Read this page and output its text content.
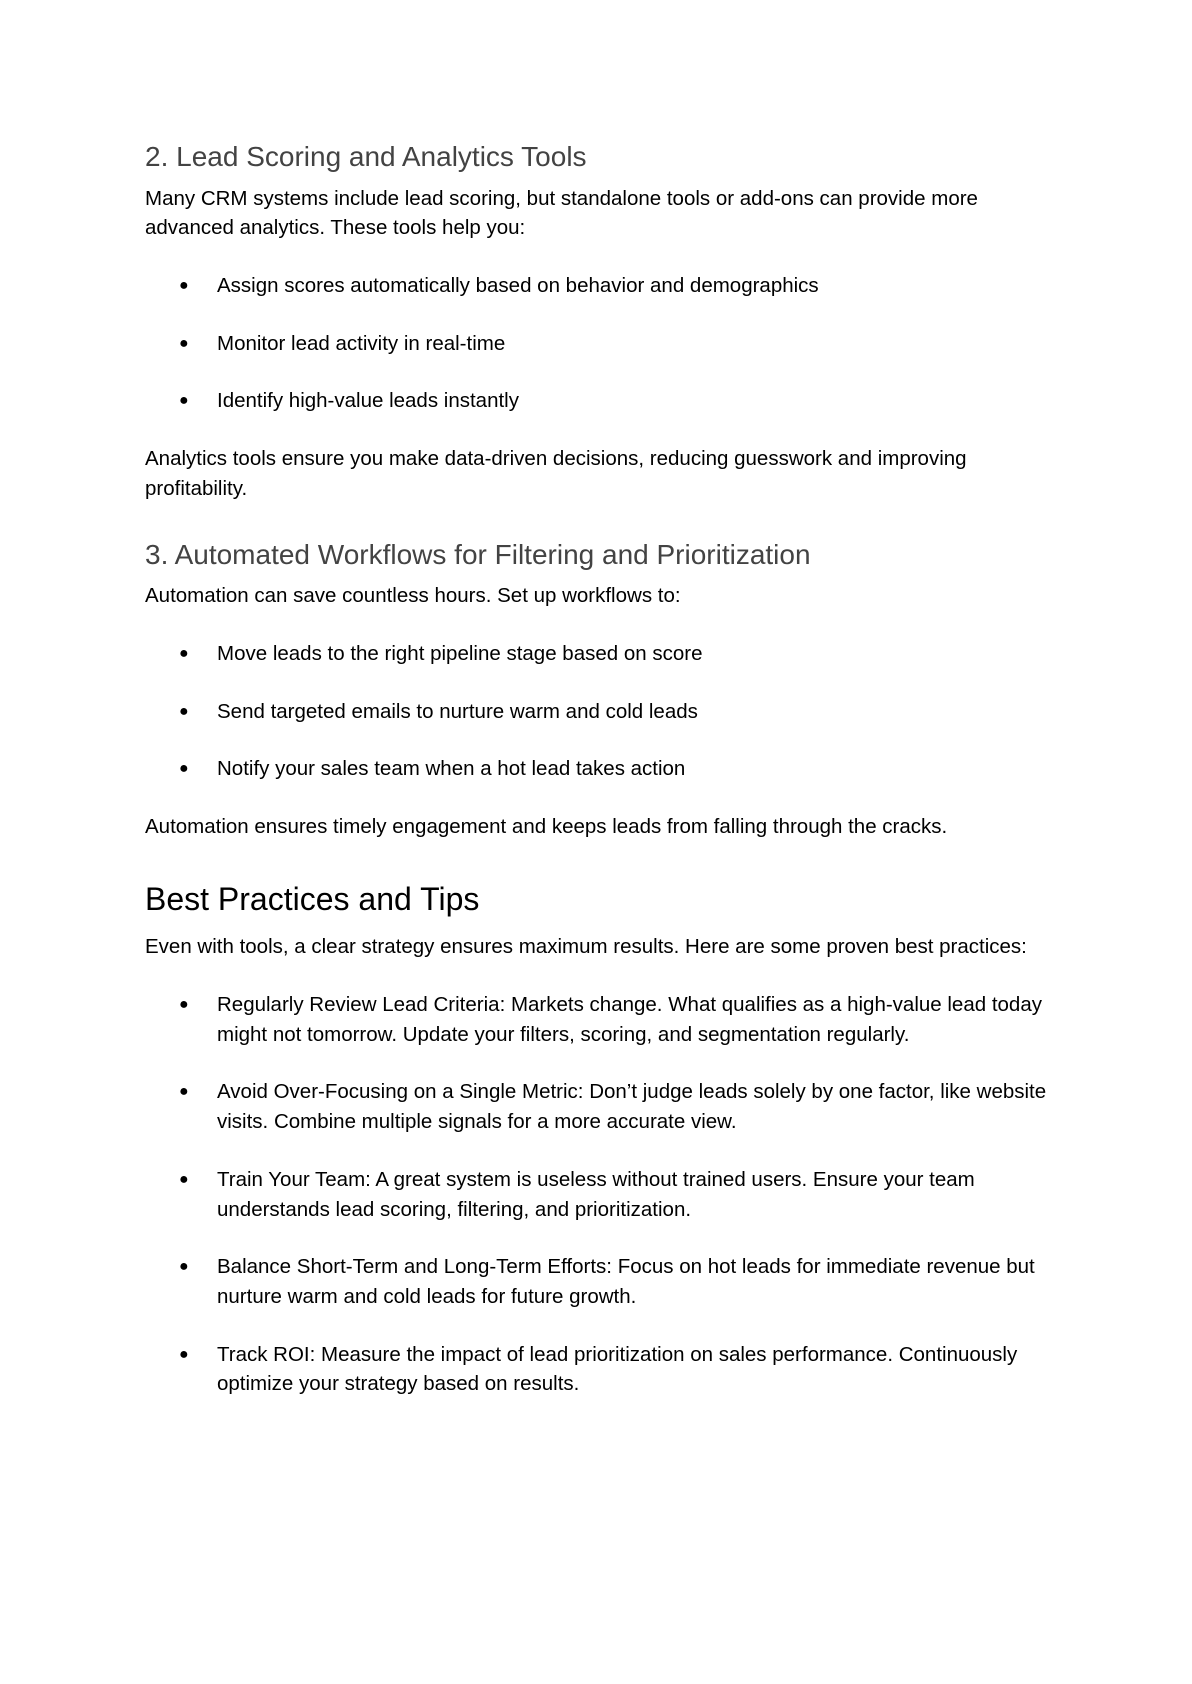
2. Lead Scoring and Analytics Tools

Many CRM systems include lead scoring, but standalone tools or add-ons can provide more advanced analytics. These tools help you:

● Assign scores automatically based on behavior and demographics
● Monitor lead activity in real-time
● Identify high-value leads instantly

Analytics tools ensure you make data-driven decisions, reducing guesswork and improving profitability.

3. Automated Workflows for Filtering and Prioritization

Automation can save countless hours. Set up workflows to:

● Move leads to the right pipeline stage based on score
● Send targeted emails to nurture warm and cold leads
● Notify your sales team when a hot lead takes action

Automation ensures timely engagement and keeps leads from falling through the cracks.

Best Practices and Tips

Even with tools, a clear strategy ensures maximum results. Here are some proven best practices:

● Regularly Review Lead Criteria: Markets change. What qualifies as a high-value lead today might not tomorrow. Update your filters, scoring, and segmentation regularly.
● Avoid Over-Focusing on a Single Metric: Don’t judge leads solely by one factor, like website visits. Combine multiple signals for a more accurate view.
● Train Your Team: A great system is useless without trained users. Ensure your team understands lead scoring, filtering, and prioritization.
● Balance Short-Term and Long-Term Efforts: Focus on hot leads for immediate revenue but nurture warm and cold leads for future growth.
● Track ROI: Measure the impact of lead prioritization on sales performance. Continuously optimize your strategy based on results.
